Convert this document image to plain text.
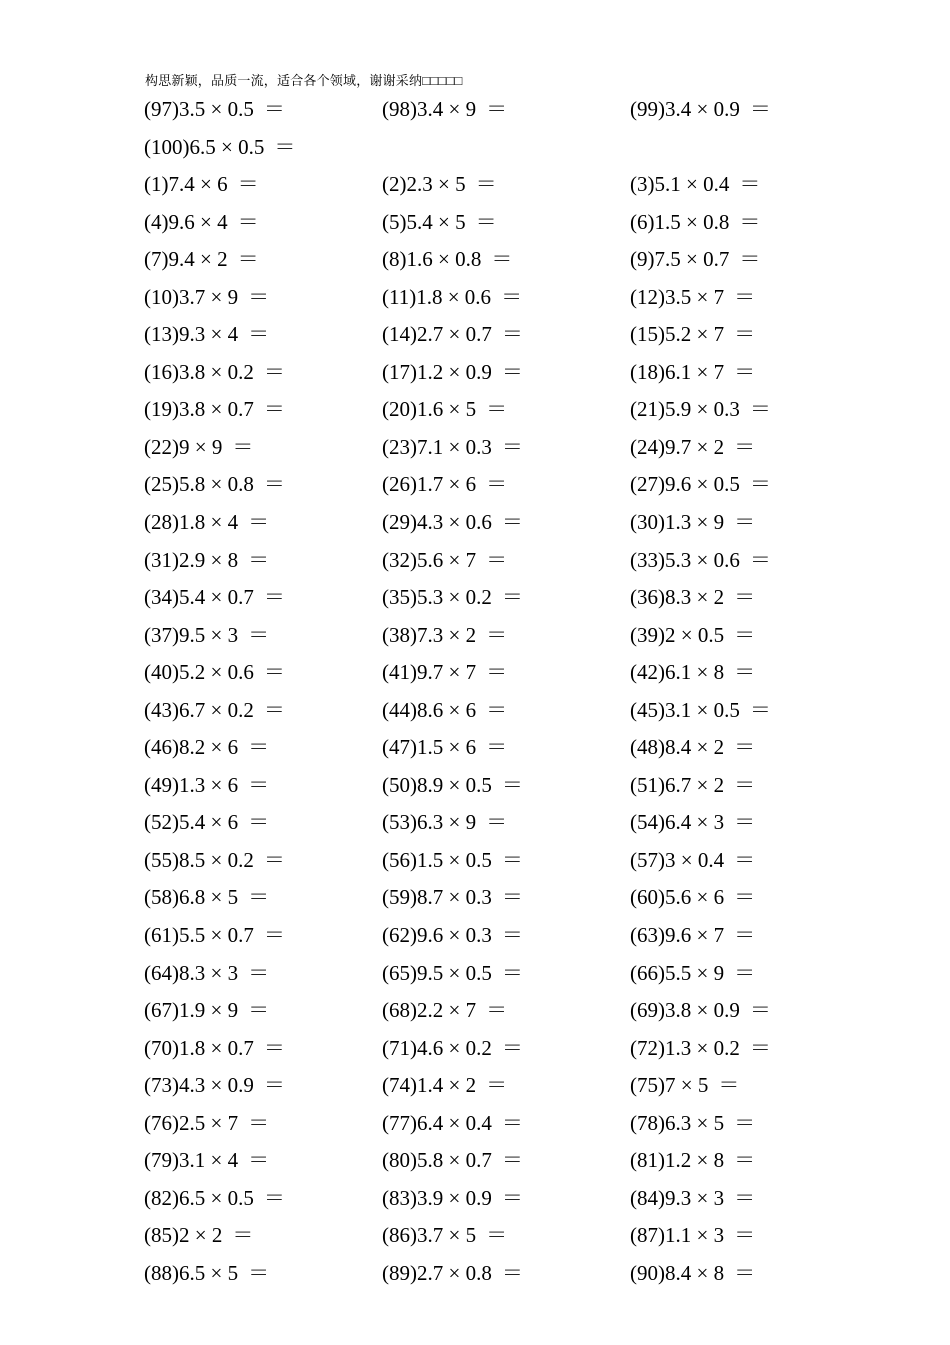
构思新颖，品质一流，适合各个领域，谢谢采纳□□□□□
(97)3.5 × 0.5 ＝	(98)3.4 × 9 ＝	(99)3.4 × 0.9 ＝
(100)6.5 × 0.5 ＝
(1)7.4 × 6 ＝	(2)2.3 × 5 ＝	(3)5.1 × 0.4 ＝
(4)9.6 × 4 ＝	(5)5.4 × 5 ＝	(6)1.5 × 0.8 ＝
(7)9.4 × 2 ＝	(8)1.6 × 0.8 ＝	(9)7.5 × 0.7 ＝
(10)3.7 × 9 ＝	(11)1.8 × 0.6 ＝	(12)3.5 × 7 ＝
(13)9.3 × 4 ＝	(14)2.7 × 0.7 ＝	(15)5.2 × 7 ＝
(16)3.8 × 0.2 ＝	(17)1.2 × 0.9 ＝	(18)6.1 × 7 ＝
(19)3.8 × 0.7 ＝	(20)1.6 × 5 ＝	(21)5.9 × 0.3 ＝
(22)9 × 9 ＝	(23)7.1 × 0.3 ＝	(24)9.7 × 2 ＝
(25)5.8 × 0.8 ＝	(26)1.7 × 6 ＝	(27)9.6 × 0.5 ＝
(28)1.8 × 4 ＝	(29)4.3 × 0.6 ＝	(30)1.3 × 9 ＝
(31)2.9 × 8 ＝	(32)5.6 × 7 ＝	(33)5.3 × 0.6 ＝
(34)5.4 × 0.7 ＝	(35)5.3 × 0.2 ＝	(36)8.3 × 2 ＝
(37)9.5 × 3 ＝	(38)7.3 × 2 ＝	(39)2 × 0.5 ＝
(40)5.2 × 0.6 ＝	(41)9.7 × 7 ＝	(42)6.1 × 8 ＝
(43)6.7 × 0.2 ＝	(44)8.6 × 6 ＝	(45)3.1 × 0.5 ＝
(46)8.2 × 6 ＝	(47)1.5 × 6 ＝	(48)8.4 × 2 ＝
(49)1.3 × 6 ＝	(50)8.9 × 0.5 ＝	(51)6.7 × 2 ＝
(52)5.4 × 6 ＝	(53)6.3 × 9 ＝	(54)6.4 × 3 ＝
(55)8.5 × 0.2 ＝	(56)1.5 × 0.5 ＝	(57)3 × 0.4 ＝
(58)6.8 × 5 ＝	(59)8.7 × 0.3 ＝	(60)5.6 × 6 ＝
(61)5.5 × 0.7 ＝	(62)9.6 × 0.3 ＝	(63)9.6 × 7 ＝
(64)8.3 × 3 ＝	(65)9.5 × 0.5 ＝	(66)5.5 × 9 ＝
(67)1.9 × 9 ＝	(68)2.2 × 7 ＝	(69)3.8 × 0.9 ＝
(70)1.8 × 0.7 ＝	(71)4.6 × 0.2 ＝	(72)1.3 × 0.2 ＝
(73)4.3 × 0.9 ＝	(74)1.4 × 2 ＝	(75)7 × 5 ＝
(76)2.5 × 7 ＝	(77)6.4 × 0.4 ＝	(78)6.3 × 5 ＝
(79)3.1 × 4 ＝	(80)5.8 × 0.7 ＝	(81)1.2 × 8 ＝
(82)6.5 × 0.5 ＝	(83)3.9 × 0.9 ＝	(84)9.3 × 3 ＝
(85)2 × 2 ＝	(86)3.7 × 5 ＝	(87)1.1 × 3 ＝
(88)6.5 × 5 ＝	(89)2.7 × 0.8 ＝	(90)8.4 × 8 ＝
